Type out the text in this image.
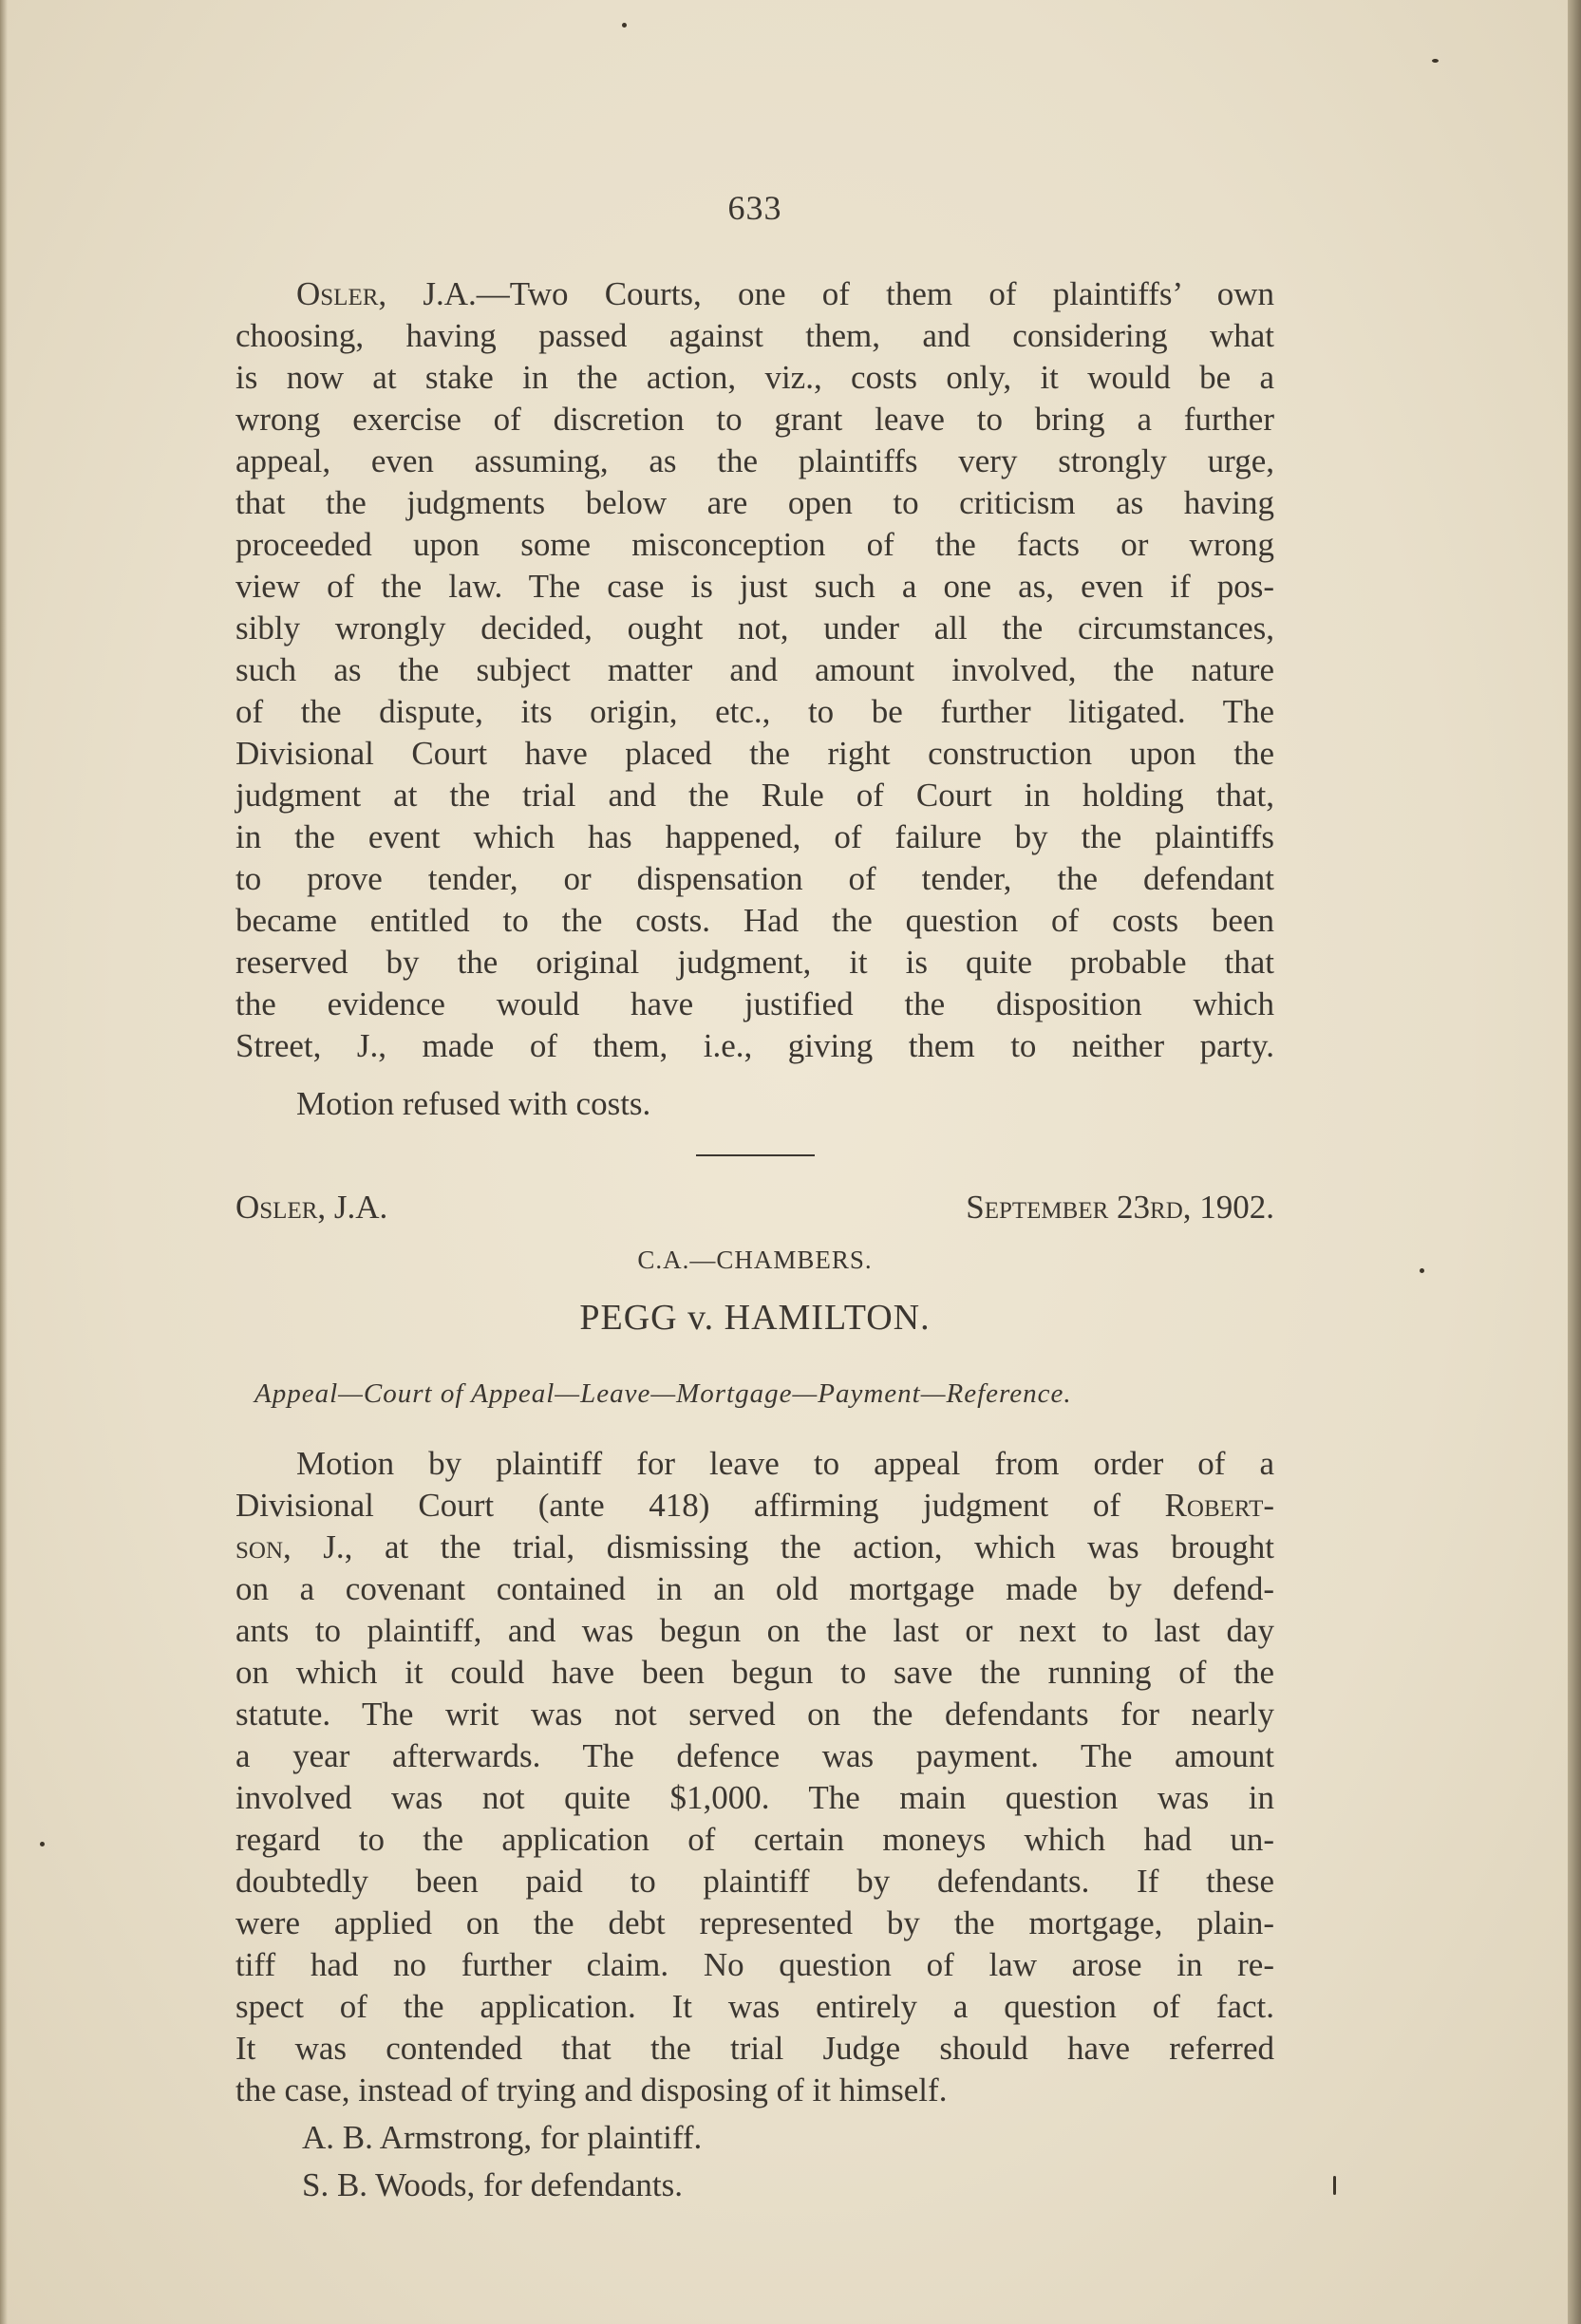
633
Osler, J.A.—Two Courts, one of them of plaintiffs’ own
choosing, having passed against them, and considering what
is now at stake in the action, viz., costs only, it would be a
wrong exercise of discretion to grant leave to bring a further
appeal, even assuming, as the plaintiffs very strongly urge,
that the judgments below are open to criticism as having
proceeded upon some misconception of the facts or wrong
view of the law. The case is just such a one as, even if pos-
sibly wrongly decided, ought not, under all the circumstances,
such as the subject matter and amount involved, the nature
of the dispute, its origin, etc., to be further litigated. The
Divisional Court have placed the right construction upon the
judgment at the trial and the Rule of Court in holding that,
in the event which has happened, of failure by the plaintiffs
to prove tender, or dispensation of tender, the defendant
became entitled to the costs. Had the question of costs been
reserved by the original judgment, it is quite probable that
the evidence would have justified the disposition which
Street, J., made of them, i.e., giving them to neither party.
Motion refused with costs.
Osler, J.A.	September 23rd, 1902.
C.A.—CHAMBERS.
PEGG v. HAMILTON.
Appeal—Court of Appeal—Leave—Mortgage—Payment—Reference.
Motion by plaintiff for leave to appeal from order of a
Divisional Court (ante 418) affirming judgment of Robert-
son, J., at the trial, dismissing the action, which was brought
on a covenant contained in an old mortgage made by defend-
ants to plaintiff, and was begun on the last or next to last day
on which it could have been begun to save the running of the
statute. The writ was not served on the defendants for nearly
a year afterwards. The defence was payment. The amount
involved was not quite $1,000. The main question was in
regard to the application of certain moneys which had un-
doubtedly been paid to plaintiff by defendants. If these
were applied on the debt represented by the mortgage, plain-
tiff had no further claim. No question of law arose in re-
spect of the application. It was entirely a question of fact.
It was contended that the trial Judge should have referred
the case, instead of trying and disposing of it himself.
A. B. Armstrong, for plaintiff.
S. B. Woods, for defendants.
